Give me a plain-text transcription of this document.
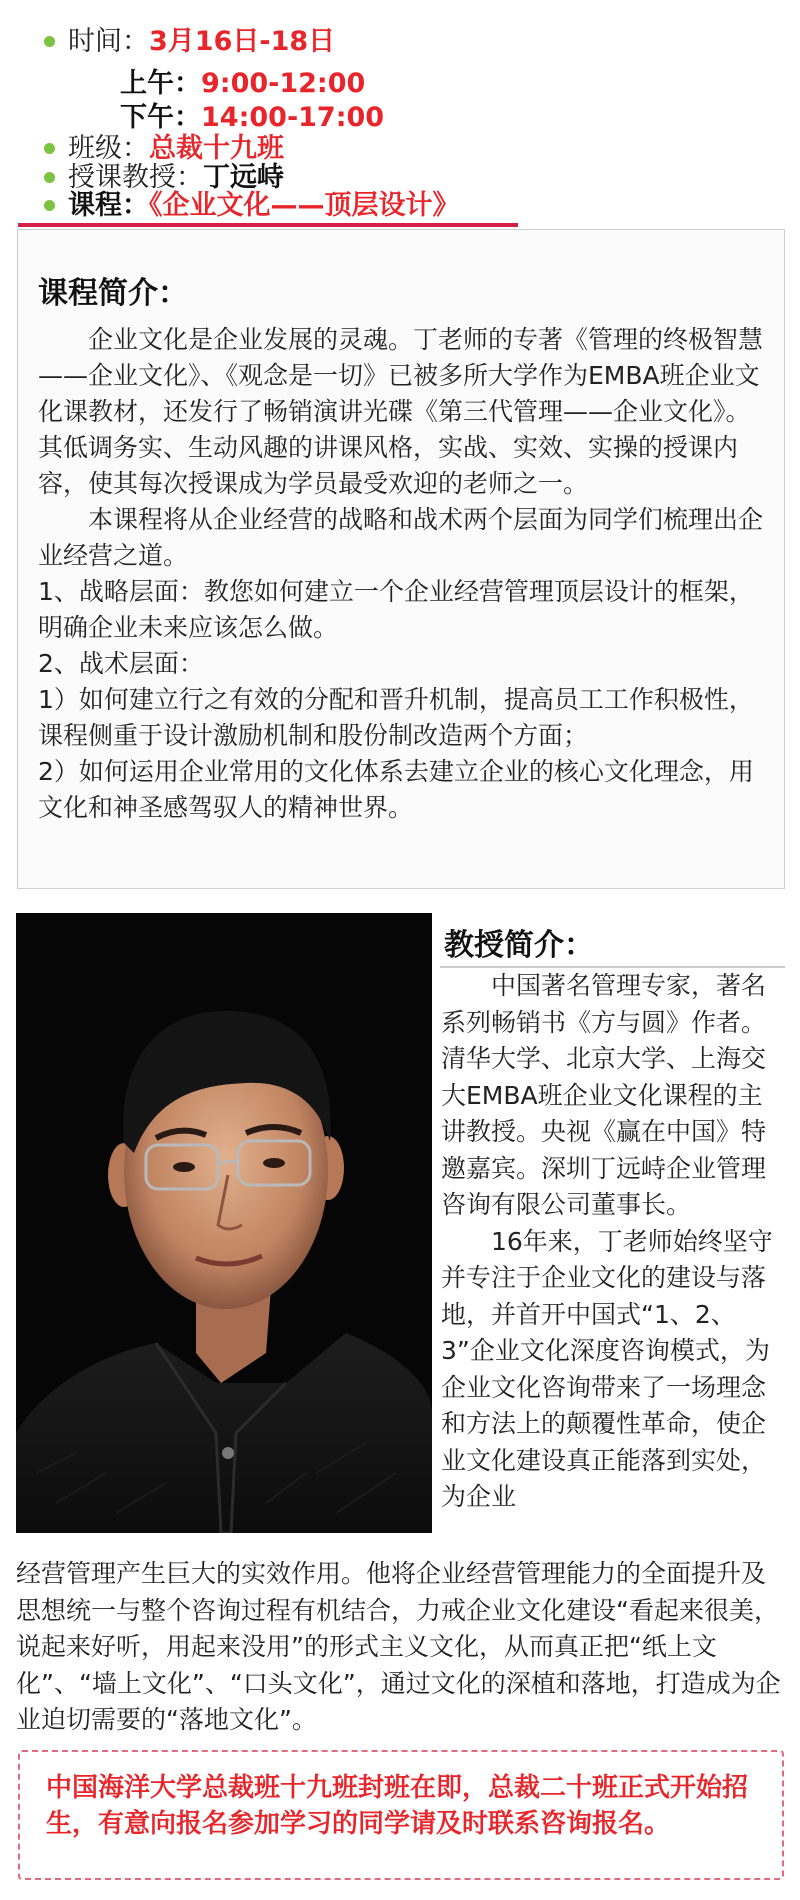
时间：3月16日-18日
上午：9:00-12:00
下午：14:00-17:00
班级：总裁十九班
授课教授：丁远峙
课程：《企业文化——顶层设计》
课程简介：

企业文化是企业发展的灵魂。丁老师的专著《管理的终极智慧——企业文化》、《观念是一切》已被多所大学作为EMBA班企业文化课教材，还发行了畅销演讲光碟《第三代管理——企业文化》。其低调务实、生动风趣的讲课风格，实战、实效、实操的授课内容，使其每次授课成为学员最受欢迎的老师之一。

本课程将从企业经营的战略和战术两个层面为同学们梳理出企业经营之道。

1、战略层面：教您如何建立一个企业经营管理顶层设计的框架，明确企业未来应该怎么做。

2、战术层面：

1）如何建立行之有效的分配和晋升机制，提高员工工作积极性，课程侧重于设计激励机制和股份制改造两个方面；

2）如何运用企业常用的文化体系去建立企业的核心文化理念，用文化和神圣感驾驭人的精神世界。

教授简介：

中国著名管理专家，著名系列畅销书《方与圆》作者。清华大学、北京大学、上海交大EMBA班企业文化课程的主讲教授。央视《赢在中国》特邀嘉宾。深圳丁远峙企业管理咨询有限公司董事长。

16年来，丁老师始终坚守并专注于企业文化的建设与落地，并首开中国式“1、2、3”企业文化深度咨询模式，为企业文化咨询带来了一场理念和方法上的颠覆性革命，使企业文化建设真正能落到实处，为企业

经营管理产生巨大的实效作用。他将企业经营管理能力的全面提升及思想统一与整个咨询过程有机结合，力戒企业文化建设“看起来很美，说起来好听，用起来没用”的形式主义文化，从而真正把“纸上文化”、“墙上文化”、“口头文化”，通过文化的深植和落地，打造成为企业迫切需要的“落地文化”。

中国海洋大学总裁班十九班封班在即，总裁二十班正式开始招生，有意向报名参加学习的同学请及时联系咨询报名。
